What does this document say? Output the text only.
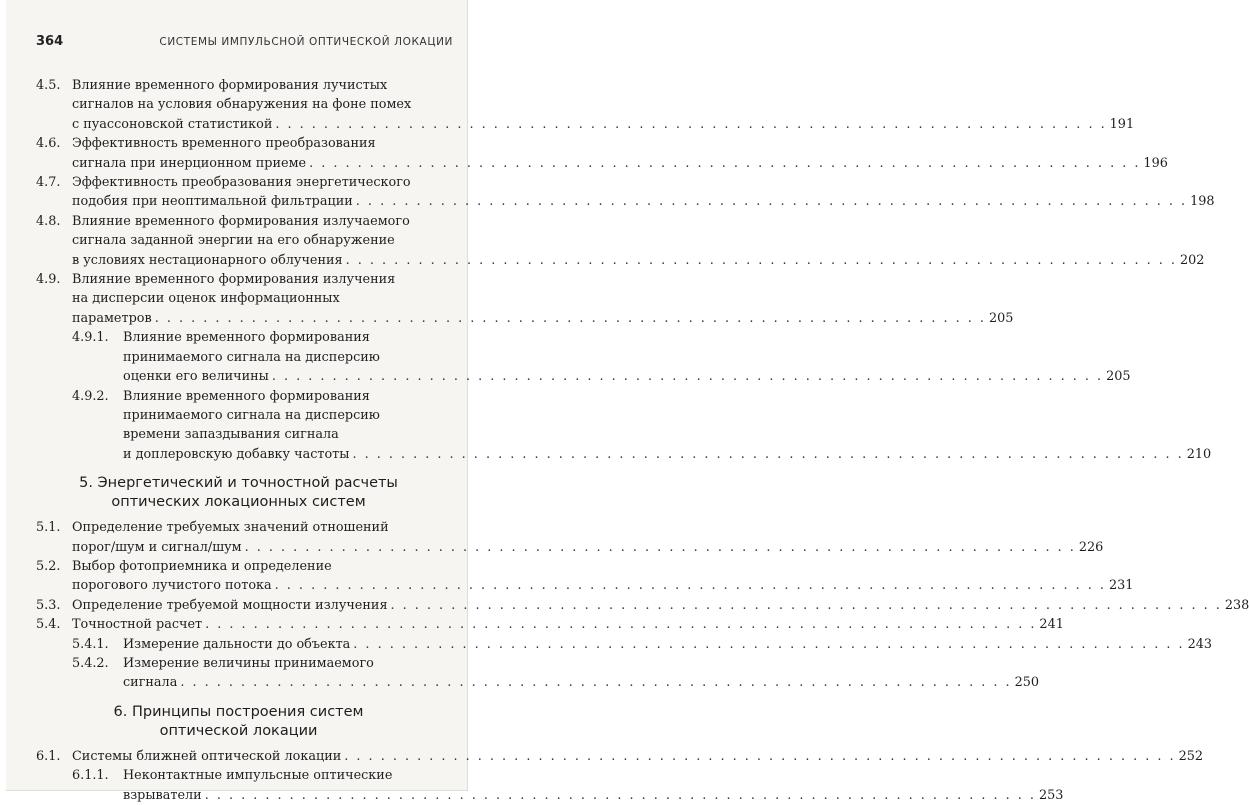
364	СИСТЕМЫ ИМПУЛЬСНОЙ ОПТИЧЕСКОЙ ЛОКАЦИИ
4.5. Влияние временного формирования лучистых
сигналов на условия обнаружения на фоне помех
с пуассоновской статистикой . . .	191
4.6. Эффективность временного преобразования
сигнала при инерционном приеме . . .	196
4.7. Эффективность преобразования энергетического
подобия при неоптимальной фильтрации . . .	198
4.8. Влияние временного формирования излучаемого
сигнала заданной энергии на его обнаружение
в условиях нестационарного облучения . . .	202
4.9. Влияние временного формирования излучения
на дисперсии оценок информационных
параметров . . .	205
4.9.1.	Влияние временного формирования
принимаемого сигнала на дисперсию
оценки его величины . . .	205
4.9.2.	Влияние временного формирования
принимаемого сигнала на дисперсию
времени запаздывания сигнала
и доплеровскую добавку частоты . . .	210
5. Энергетический и точностной расчеты
оптических локационных систем
5.1. Определение требуемых значений отношений
порог/шум и сигнал/шум . . .	226
5.2. Выбор фотоприемника и определение
порогового лучистого потока . . .	231
5.3. Определение требуемой мощности излучения . . .	238
5.4. Точностной расчет . . .	241
5.4.1.	Измерение дальности до объекта . . .	243
5.4.2.	Измерение величины принимаемого
сигнала . . .	250
6. Принципы построения систем
оптической локации
6.1. Системы ближней оптической локации . . .	252
6.1.1.	Неконтактные импульсные оптические
взрыватели . . .	253
